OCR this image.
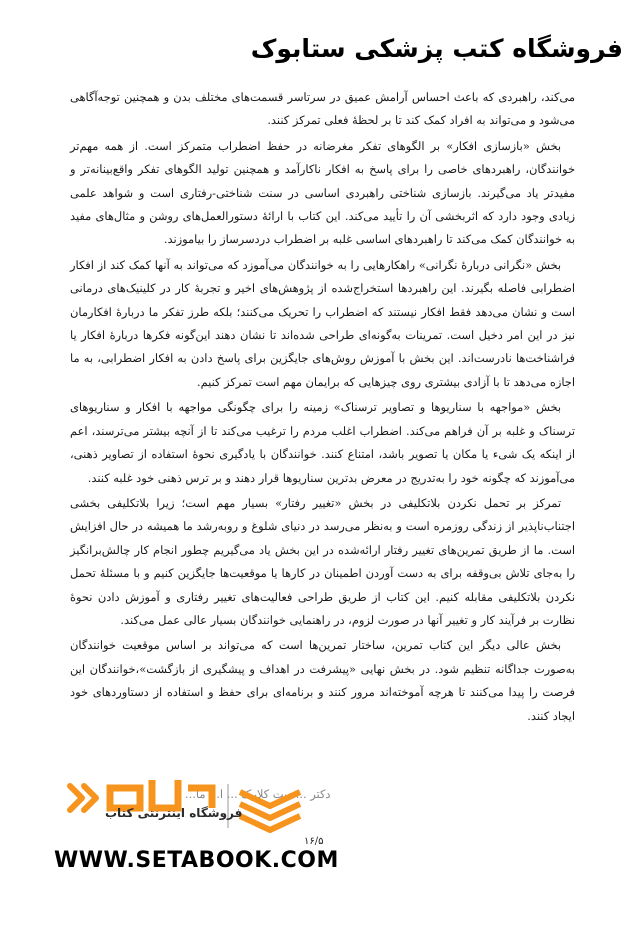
فروشگاه کتب پزشکی ستابوک

می‌کند، راهبردی که باعث احساس آرامش عمیق در سرتاسر قسمت‌های مختلف بدن و همچنین توجه‌آگاهی می‌شود و می‌تواند به افراد کمک کند تا بر لحظهٔ فعلی تمرکز کنند.

بخش «بازسازی افکار» بر الگوهای تفکر مغرضانه در حفظ اضطراب متمرکز است. از همه مهم‌تر خوانندگان، راهبردهای خاصی را برای پاسخ به افکار ناکارآمد و همچنین تولید الگوهای تفکر واقع‌بینانه‌تر و مفیدتر یاد می‌گیرند. بازسازی شناختی راهبردی اساسی در سنت شناختی-رفتاری است و شواهد علمی زیادی وجود دارد که اثربخشی آن را تأیید می‌کند. این کتاب با ارائهٔ دستورالعمل‌های روشن و مثال‌های مفید به خوانندگان کمک می‌کند تا راهبردهای اساسی غلبه بر اضطراب دردسرساز را بیاموزند.

بخش «نگرانی دربارهٔ نگرانی» راهکارهایی را به خوانندگان می‌آموزد که می‌تواند به آنها کمک کند از افکار اضطرابی فاصله بگیرند. این راهبردها استخراج‌شده از پژوهش‌های اخیر و تجربهٔ کار در کلینیک‌های درمانی است و نشان می‌دهد فقط افکار نیستند که اضطراب را تحریک می‌کنند؛ بلکه طرز تفکر ما دربارهٔ افکارمان نیز در این امر دخیل است. تمرینات به‌گونه‌ای طراحی شده‌اند تا نشان دهند این‌گونه فکرها دربارهٔ افکار یا فراشناخت‌ها نادرست‌اند. این بخش با آموزش روش‌های جایگزین برای پاسخ دادن به افکار اضطرابی، به ما اجازه می‌دهد تا با آزادی بیشتری روی چیزهایی که برایمان مهم است تمرکز کنیم.

بخش «مواجهه با سناریوها و تصاویر ترسناک» زمینه را برای چگونگی مواجهه با افکار و سناریوهای ترسناک و غلبه بر آن فراهم می‌کند. اضطراب اغلب مردم را ترغیب می‌کند تا از آنچه بیشتر می‌ترسند، اعم از اینکه یک شیء یا مکان یا تصویر باشد، امتناع کنند. خوانندگان با یادگیری نحوهٔ استفاده از تصاویر ذهنی، می‌آموزند که چگونه خود را به‌تدریج در معرض بدترین سناریوها قرار دهند و بر ترس ذهنی خود غلبه کنند.

تمرکز بر تحمل نکردن بلاتکلیفی در بخش «تغییر رفتار» بسیار مهم است؛ زیرا بلاتکلیفی بخشی اجتناب‌ناپذیر از زندگی روزمره است و به‌نظر می‌رسد در دنیای شلوغ و روبه‌رشد ما همیشه در حال افزایش است. ما از طریق تمرین‌های تغییر رفتار ارائه‌شده در این بخش یاد می‌گیریم چطور انجام کار چالش‌برانگیز را به‌جای تلاش بی‌وقفه برای به دست آوردن اطمینان در کارها یا موقعیت‌ها جایگزین کنیم و با مسئلهٔ تحمل نکردن بلاتکلیفی مقابله کنیم. این کتاب از طریق طراحی فعالیت‌های تغییر رفتاری و آموزش دادن نحوهٔ نظارت بر فرآیند کار و تغییر آنها در صورت لزوم، در راهنمایی خوانندگان بسیار عالی عمل می‌کند.

بخش عالی دیگر این کتاب تمرین، ساختار تمرین‌ها است که می‌تواند بر اساس موقعیت خوانندگان به‌صورت جداگانه تنظیم شود. در بخش نهایی «پیشرفت در اهداف و پیشگیری از بازگشت»،خوانندگان این فرصت را پیدا می‌کنند تا هرچه آموخته‌اند مرور کنند و برنامه‌ای برای حفظ و استفاده از دستاوردهای خود ایجاد کنند.

دکتر ... دیت کلارک ... ا... ما...
فروشگاه اینترنتی کتاب
۱۶/۵
WWW.SETABOOK.COM
